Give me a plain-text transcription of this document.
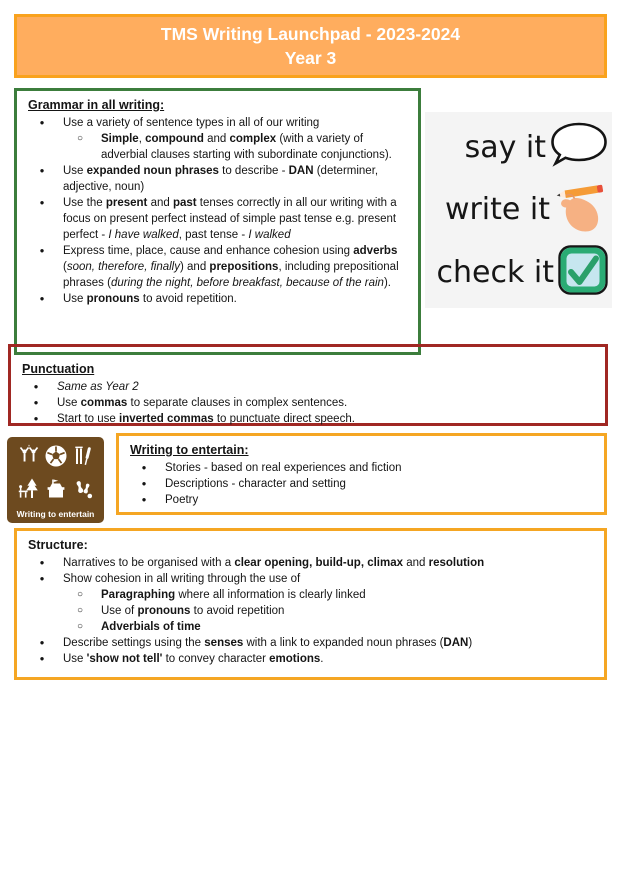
TMS Writing Launchpad - 2023-2024
Year 3
Grammar in all writing:
●	Use a variety of sentence types in all of our writing
○	Simple, compound and complex (with a variety of adverbial clauses starting with subordinate conjunctions).
●	Use expanded noun phrases to describe - DAN (determiner, adjective, noun)
●	Use the present and past tenses correctly in all our writing with a focus on present perfect instead of simple past tense e.g. present perfect - I have walked, past tense - I walked
●	Express time, place, cause and enhance cohesion using adverbs (soon, therefore, finally) and prepositions, including prepositional phrases (during the night, before breakfast, because of the rain).
●	Use pronouns to avoid repetition.
say it
write it
check it
Punctuation
●	Same as Year 2
●	Use commas to separate clauses in complex sentences.
●	Start to use inverted commas to punctuate direct speech.
Writing to entertain
Writing to entertain:
●	Stories - based on real experiences and fiction
●	Descriptions - character and setting
●	Poetry
Structure:
●	Narratives to be organised with a clear opening, build-up, climax and resolution
●	Show cohesion in all writing through the use of
○	Paragraphing where all information is clearly linked
○	Use of pronouns to avoid repetition
○	Adverbials of time
●	Describe settings using the senses with a link to expanded noun phrases (DAN)
●	Use 'show not tell' to convey character emotions.
